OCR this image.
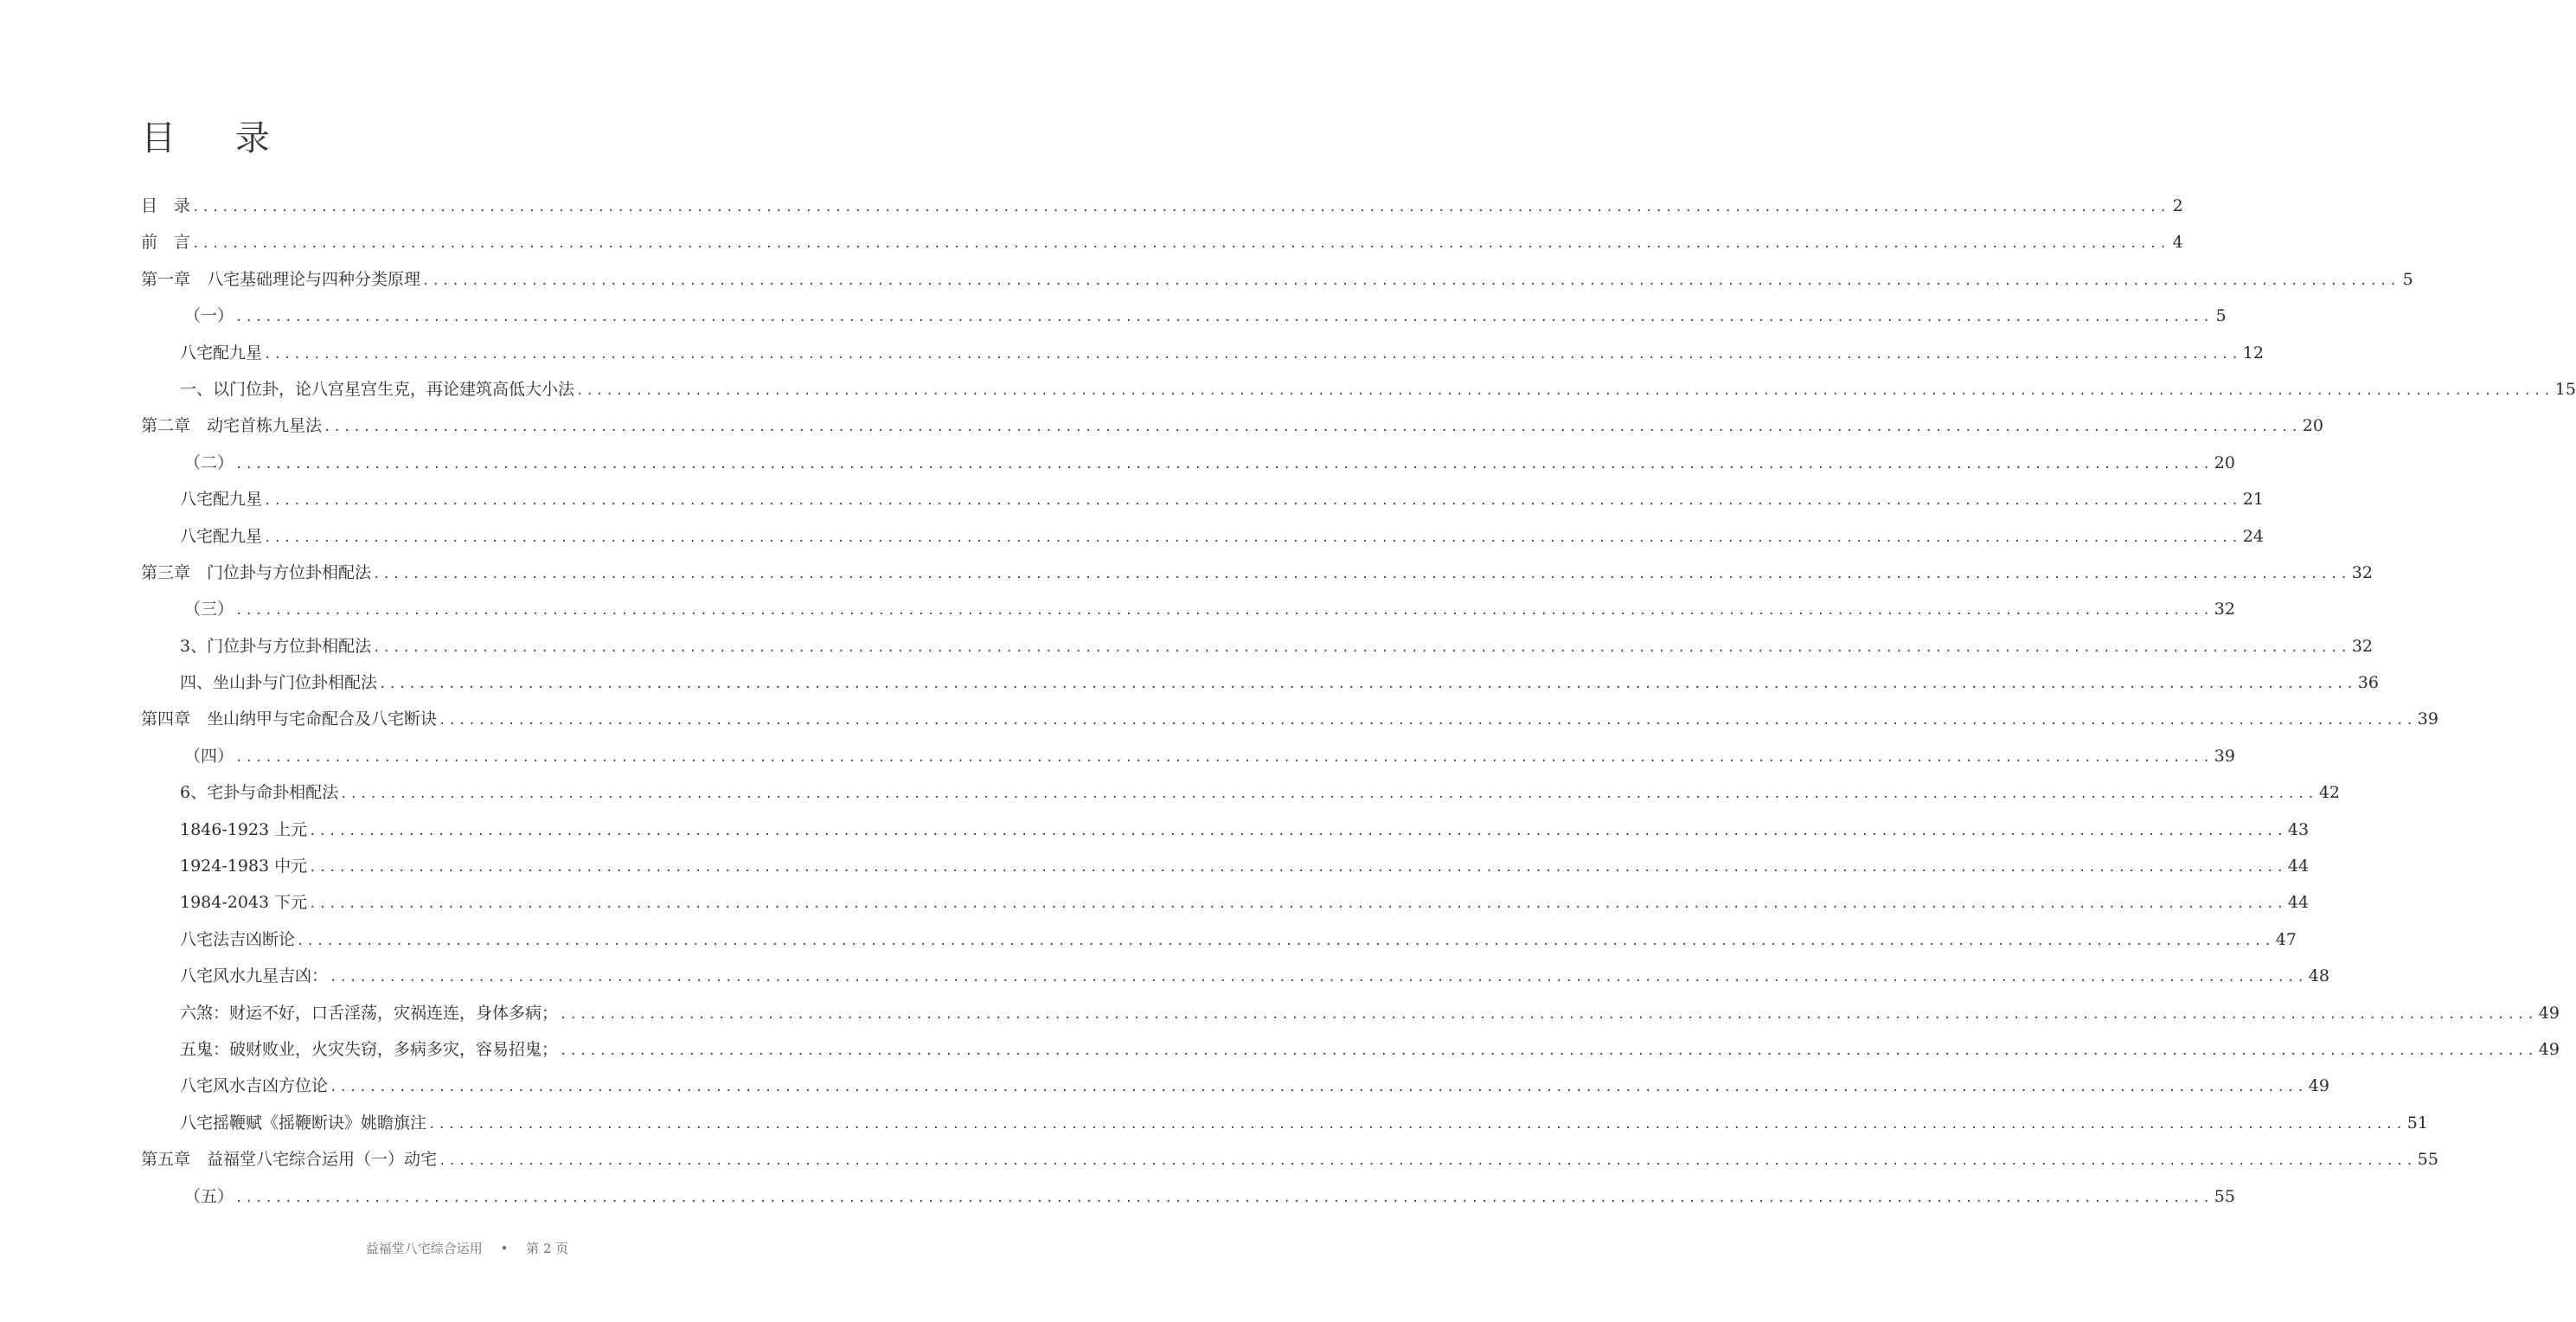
目 录
目　录 ........................................................................................................................................................................................................ 2
前　言 ........................................................................................................................................................................................................ 4
第一章　八宅基础理论与四种分类原理 ........................................................................................................................................................................................................ 5
（一） ........................................................................................................................................................................................................ 5
八宅配九星 ........................................................................................................................................................................................................ 12
一、以门位卦，论八宫星宫生克，再论建筑高低大小法 ........................................................................................................................................................................................................ 15
第二章　动宅首栋九星法 ........................................................................................................................................................................................................ 20
（二） ........................................................................................................................................................................................................ 20
八宅配九星 ........................................................................................................................................................................................................ 21
八宅配九星 ........................................................................................................................................................................................................ 24
第三章　门位卦与方位卦相配法 ........................................................................................................................................................................................................ 32
（三） ........................................................................................................................................................................................................ 32
3、门位卦与方位卦相配法 ........................................................................................................................................................................................................ 32
四、坐山卦与门位卦相配法 ........................................................................................................................................................................................................ 36
第四章　坐山纳甲与宅命配合及八宅断诀 ........................................................................................................................................................................................................ 39
（四） ........................................................................................................................................................................................................ 39
6、宅卦与命卦相配法 ........................................................................................................................................................................................................ 42
1846-1923 上元 ........................................................................................................................................................................................................ 43
1924-1983 中元 ........................................................................................................................................................................................................ 44
1984-2043 下元 ........................................................................................................................................................................................................ 44
八宅法吉凶断论 ........................................................................................................................................................................................................ 47
八宅风水九星吉凶： ........................................................................................................................................................................................................ 48
六煞：财运不好，口舌淫荡，灾祸连连，身体多病； ........................................................................................................................................................................................................ 49
五鬼：破财败业，火灾失窃，多病多灾，容易招鬼； ........................................................................................................................................................................................................ 49
八宅风水吉凶方位论 ........................................................................................................................................................................................................ 49
八宅摇鞭赋《摇鞭断诀》姚瞻旗注 ........................................................................................................................................................................................................ 51
第五章　益福堂八宅综合运用（一）动宅 ........................................................................................................................................................................................................ 55
（五） ........................................................................................................................................................................................................ 55
益福堂八宅综合运用 • 第 2 页
